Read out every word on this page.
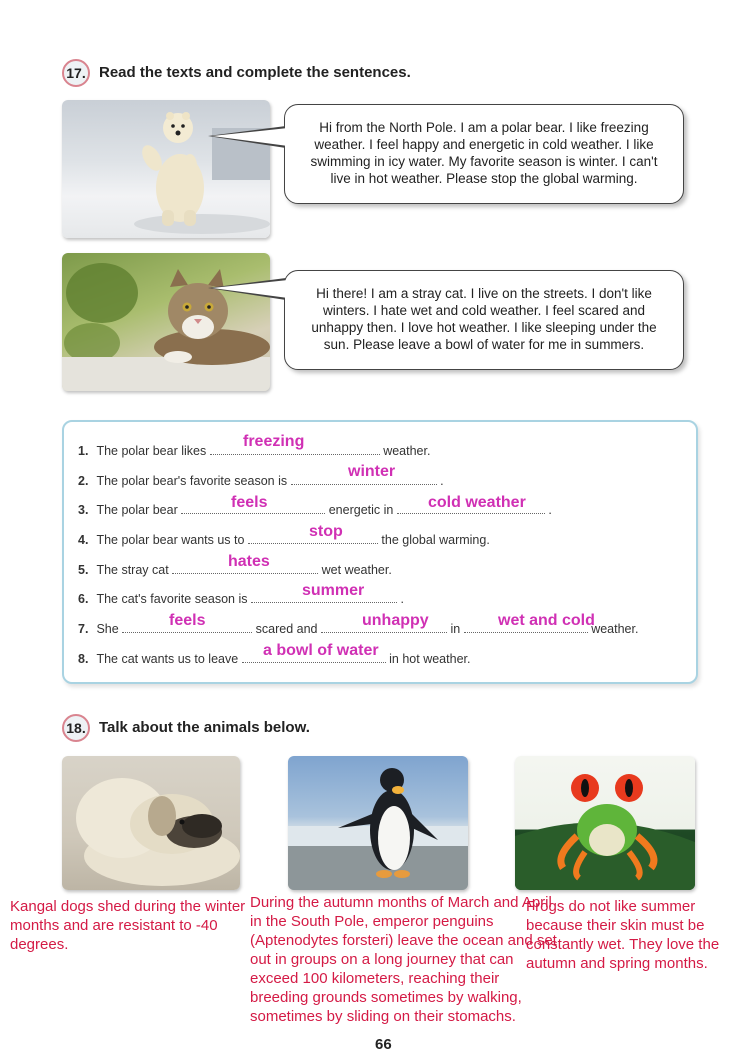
17. Read the texts and complete the sentences.
Hi from the North Pole. I am a polar bear. I like freezing weather. I feel happy and energetic in cold weather. I like swimming in icy water. My favorite season is winter. I can't live in hot weather. Please stop the global warming.
Hi there! I am a stray cat. I live on the streets. I don't like winters. I hate wet and cold weather. I feel scared and unhappy then. I love hot weather. I like sleeping under the sun. Please leave a bowl of water for me in summers.
1. The polar bear likes	weather.
freezing
2. The polar bear's favorite season is	.
winter
3. The polar bear	energetic in	.
feels	cold weather
4. The polar bear wants us to	the global warming.
stop
5. The stray cat	wet weather.
hates
6. The cat's favorite season is	.
summer
7. She	scared and	in	weather.
feels	unhappy	wet and cold
8. The cat wants us to leave	in hot weather.
a bowl of water
18. Talk about the animals below.
Kangal dogs shed during the winter months and are resistant to -40 degrees.
During the autumn months of March and April in the South Pole, emperor penguins (Aptenodytes forsteri) leave the ocean and set out in groups on a long journey that can exceed 100 kilometers, reaching their breeding grounds sometimes by walking, sometimes by sliding on their stomachs.
Frogs do not like summer because their skin must be constantly wet. They love the autumn and spring months.
66
